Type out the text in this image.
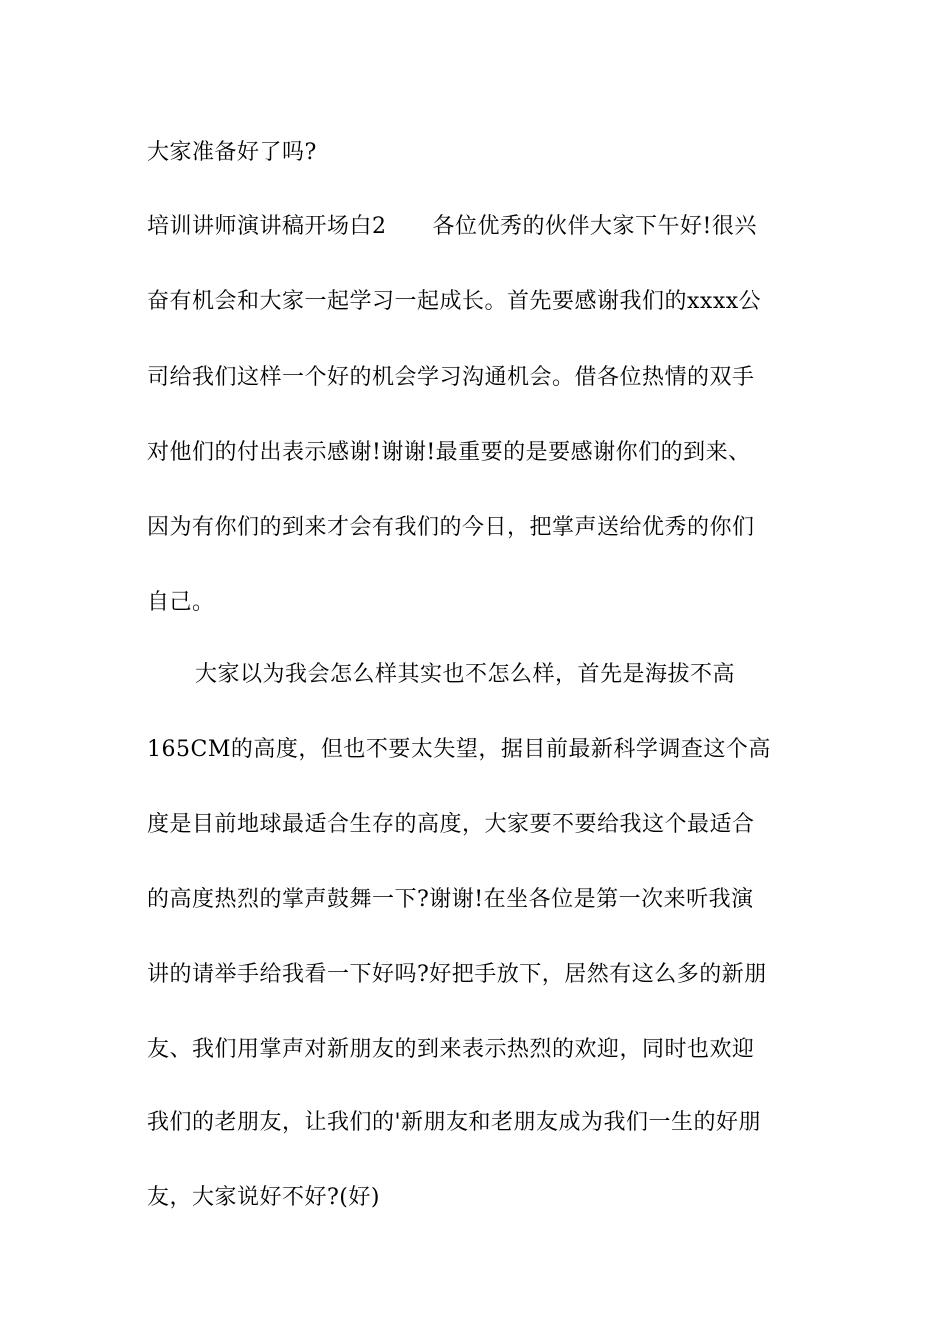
大家准备好了吗?
培训讲师演讲稿开场白2 各位优秀的伙伴大家下午好!很兴
奋有机会和大家一起学习一起成长。首先要感谢我们的xxxx公
司给我们这样一个好的机会学习沟通机会。借各位热情的双手
对他们的付出表示感谢!谢谢!最重要的是要感谢你们的到来、
因为有你们的到来才会有我们的今日，把掌声送给优秀的你们
自己。
大家以为我会怎么样其实也不怎么样，首先是海拔不高
165CM的高度，但也不要太失望，据目前最新科学调查这个高
度是目前地球最适合生存的高度，大家要不要给我这个最适合
的高度热烈的掌声鼓舞一下?谢谢!在坐各位是第一次来听我演
讲的请举手给我看一下好吗?好把手放下，居然有这么多的新朋
友、我们用掌声对新朋友的到来表示热烈的欢迎，同时也欢迎
我们的老朋友，让我们的'新朋友和老朋友成为我们一生的好朋
友，大家说好不好?(好)
